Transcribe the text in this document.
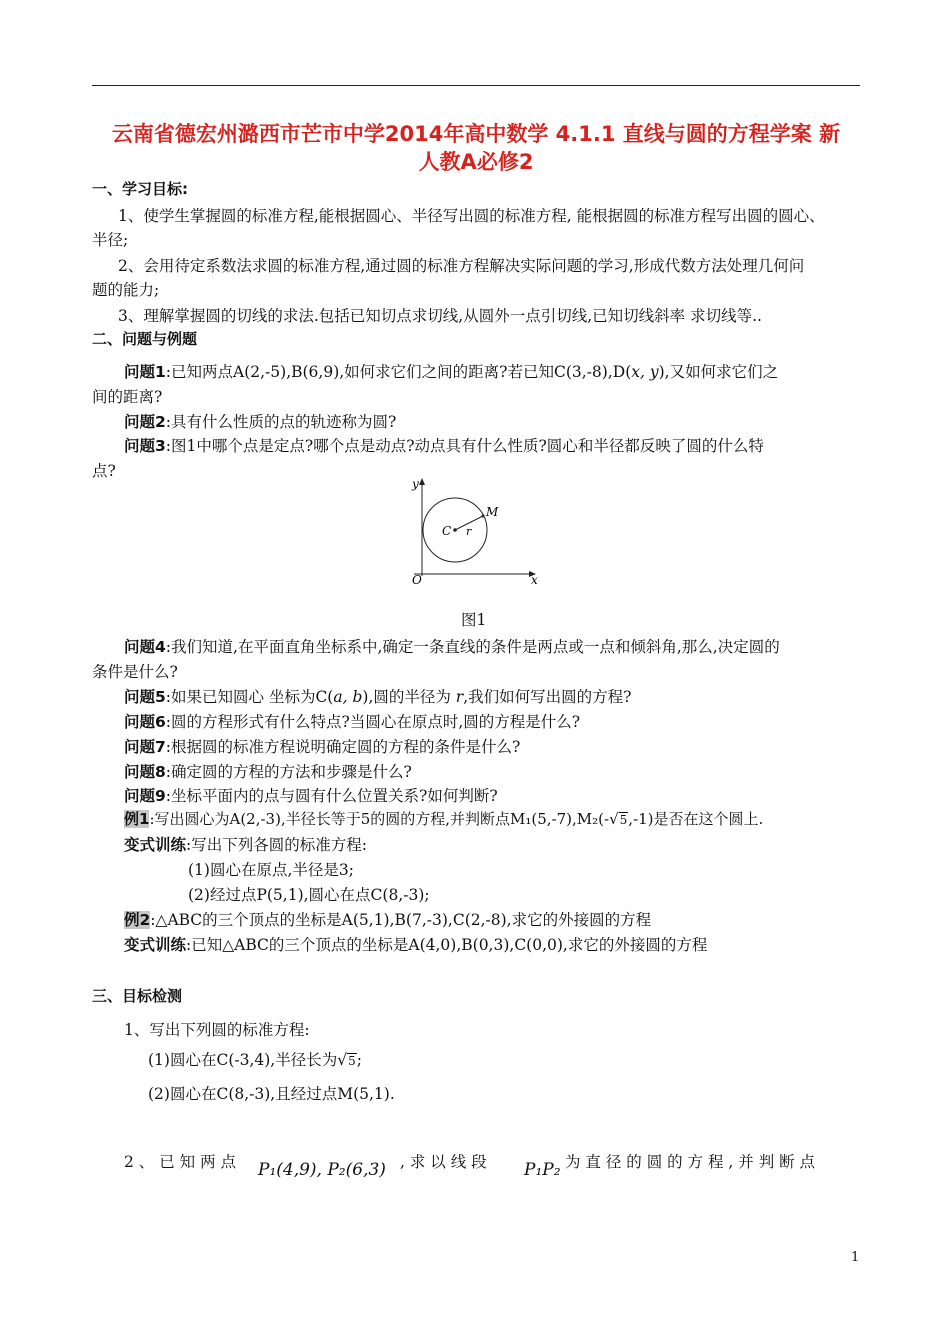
云南省德宏州潞西市芒市中学2014年高中数学 4.1.1 直线与圆的方程学案 新
人教A必修2
一、学习目标:
1、使学生掌握圆的标准方程,能根据圆心、半径写出圆的标准方程, 能根据圆的标准方程写出圆的圆心、
半径;
2、会用待定系数法求圆的标准方程,通过圆的标准方程解决实际问题的学习,形成代数方法处理几何问
题的能力;
3、理解掌握圆的切线的求法.包括已知切点求切线,从圆外一点引切线,已知切线斜率 求切线等..
二、问题与例题
问题1:已知两点A(2,-5),B(6,9),如何求它们之间的距离?若已知C(3,-8),D(x, y),又如何求它们之
间的距离?
问题2:具有什么性质的点的轨迹称为圆?
问题3:图1中哪个点是定点?哪个点是动点?动点具有什么性质?圆心和半径都反映了圆的什么特
点?
y
x
O
C r
M
图1
问题4:我们知道,在平面直角坐标系中,确定一条直线的条件是两点或一点和倾斜角,那么,决定圆的
条件是什么?
问题5:如果已知圆心 坐标为C(a, b),圆的半径为 r,我们如何写出圆的方程?
问题6:圆的方程形式有什么特点?当圆心在原点时,圆的方程是什么?
问题7:根据圆的标准方程说明确定圆的方程的条件是什么?
问题8:确定圆的方程的方法和步骤是什么?
问题9:坐标平面内的点与圆有什么位置关系?如何判断?
例1:写出圆心为A(2,-3),半径长等于5的圆的方程,并判断点M₁(5,-7),M₂(-√5,-1)是否在这个圆上.
变式训练:写出下列各圆的标准方程:
(1)圆心在原点,半径是3;
(2)经过点P(5,1),圆心在点C(8,-3);
例2:△ABC的三个顶点的坐标是A(5,1),B(7,-3),C(2,-8),求它的外接圆的方程
变式训练:已知△ABC的三个顶点的坐标是A(4,0),B(0,3),C(0,0),求它的外接圆的方程
三、目标检测
1、写出下列圆的标准方程:
(1)圆心在C(-3,4),半径长为√5;
(2)圆心在C(8,-3),且经过点M(5,1).
2 、 已 知 两 点 P₁(4,9), P₂(6,3) , 求 以 线 段 P₁P₂ 为 直 径 的 圆 的 方 程 , 并 判 断 点
1
